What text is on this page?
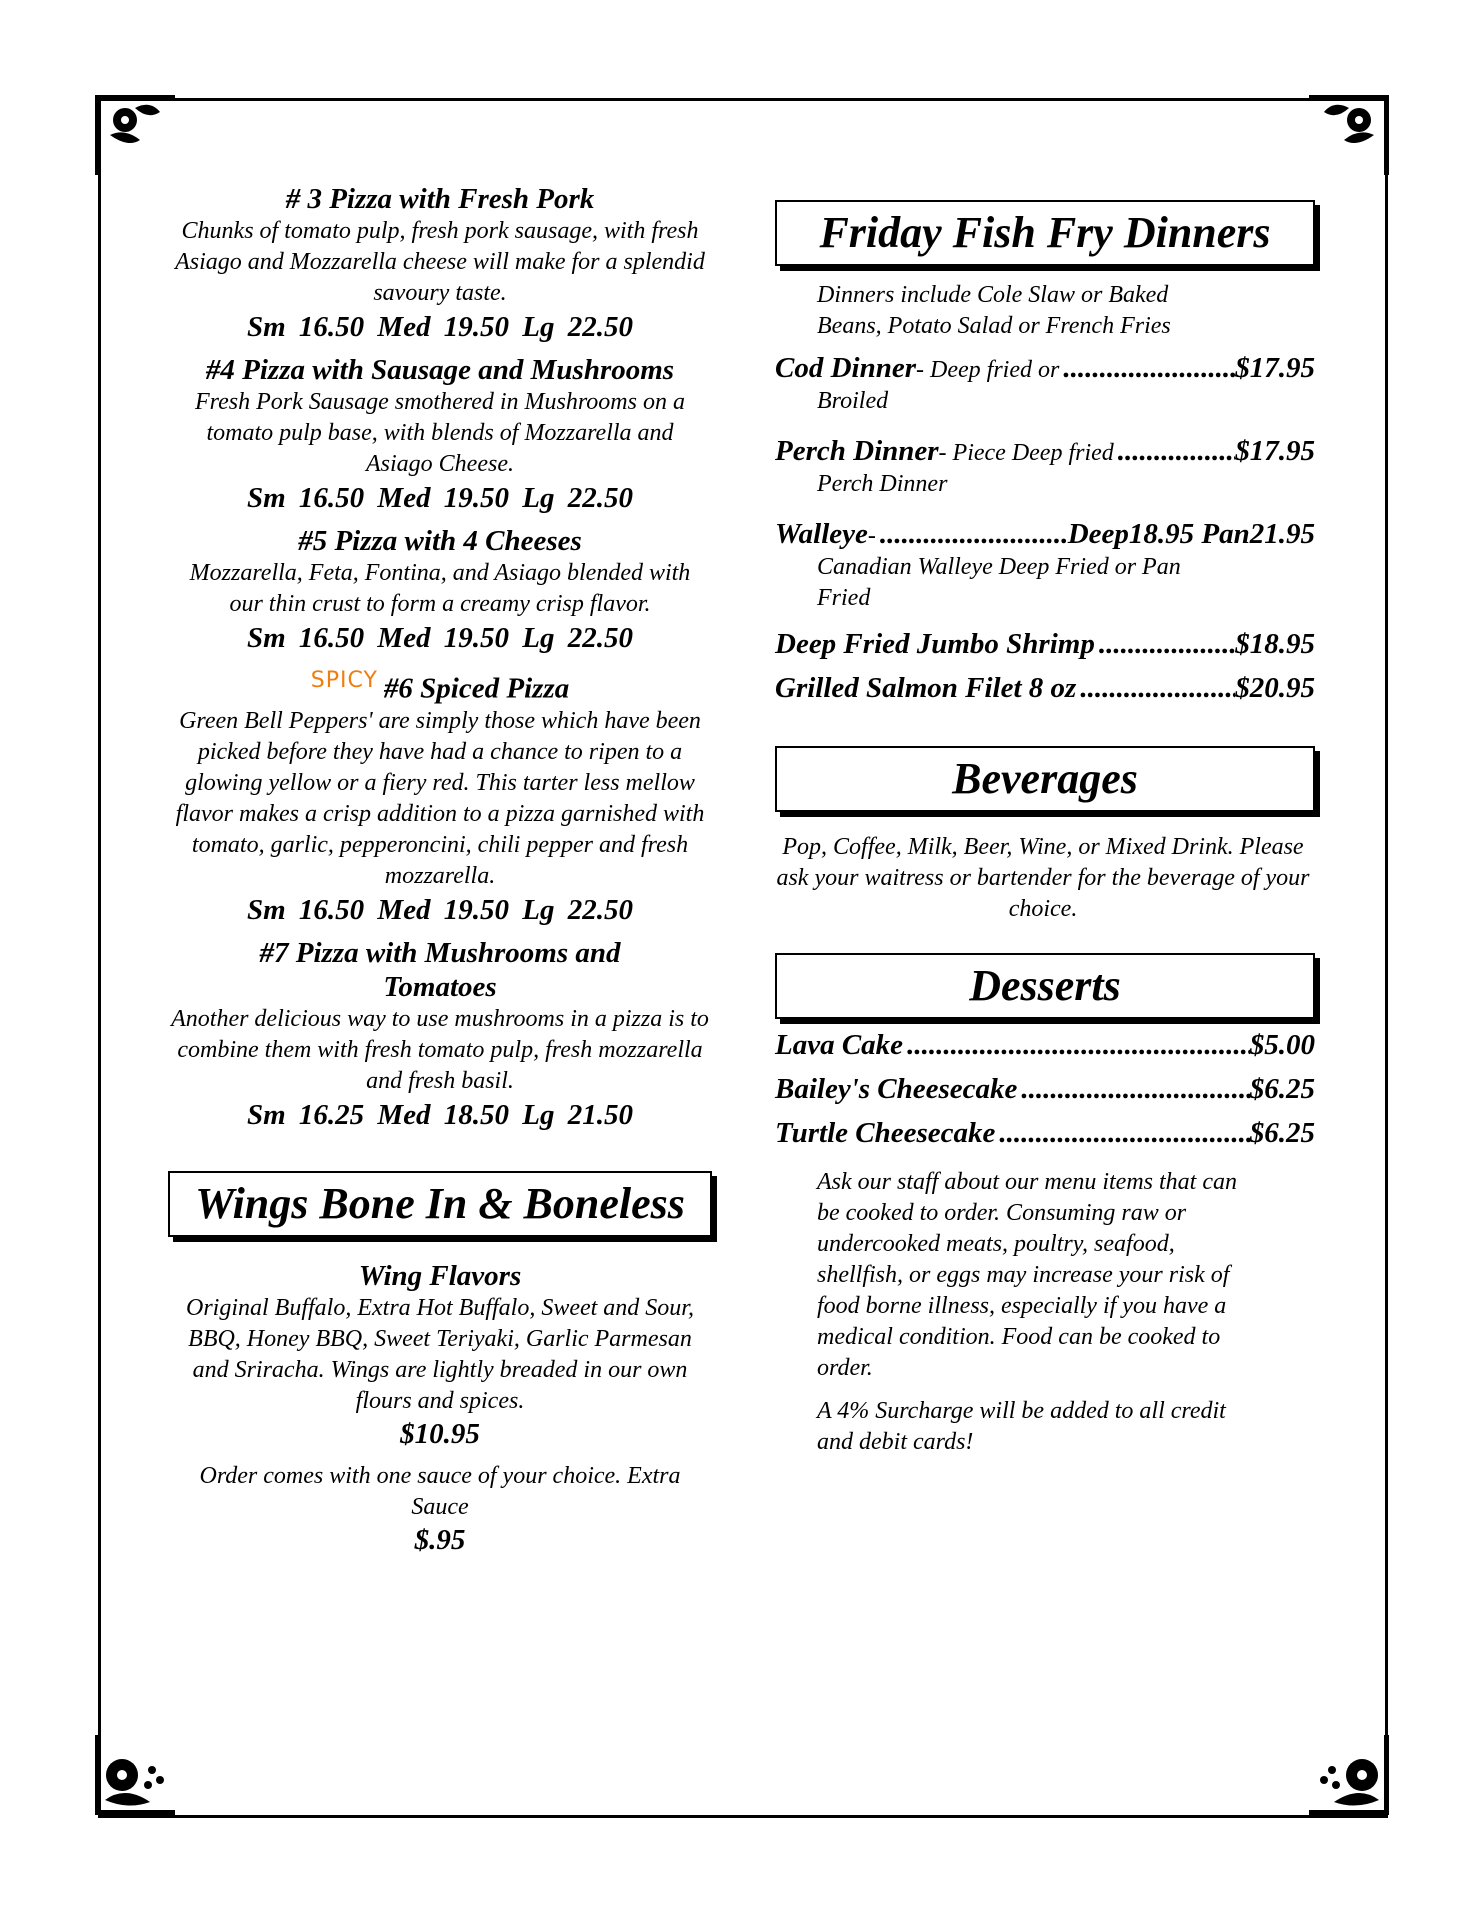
# 3 Pizza with Fresh Pork
Chunks of tomato pulp, fresh pork sausage, with fresh Asiago and Mozzarella cheese will make for a splendid savoury taste.
Sm 16.50 Med 19.50 Lg 22.50
#4 Pizza with Sausage and Mushrooms
Fresh Pork Sausage smothered in Mushrooms on a tomato pulp base, with blends of Mozzarella and Asiago Cheese.
Sm 16.50 Med 19.50 Lg 22.50
#5 Pizza with 4 Cheeses
Mozzarella, Feta, Fontina, and Asiago blended with our thin crust to form a creamy crisp flavor.
Sm 16.50 Med 19.50 Lg 22.50
$^{SPICY}$ #6 Spiced Pizza
Green Bell Peppers' are simply those which have been picked before they have had a chance to ripen to a glowing yellow or a fiery red. This tarter less mellow flavor makes a crisp addition to a pizza garnished with tomato, garlic, pepperoncini, chili pepper and fresh mozzarella.
Sm 16.50 Med 19.50 Lg 22.50
#7 Pizza with Mushrooms and Tomatoes
Another delicious way to use mushrooms in a pizza is to combine them with fresh tomato pulp, fresh mozzarella and fresh basil.
Sm 16.25 Med 18.50 Lg 21.50
Wings Bone In & Boneless
Wing Flavors
Original Buffalo, Extra Hot Buffalo, Sweet and Sour, BBQ, Honey BBQ, Sweet Teriyaki, Garlic Parmesan and Sriracha. Wings are lightly breaded in our own flours and spices.
$10.95
Order comes with one sauce of your choice. Extra Sauce
$.95
Friday Fish Fry Dinners
Dinners include Cole Slaw or Baked Beans, Potato Salad or French Fries
Cod Dinner - Deep fried or .....	$17.95
Broiled
Perch Dinner - Piece Deep fried .....	$17.95
Perch Dinner
Walleye - .....	Deep18.95 Pan21.95
Canadian Walleye Deep Fried or Pan Fried
Deep Fried Jumbo Shrimp .....	$18.95
Grilled Salmon Filet 8 oz .....	$20.95
Beverages
Pop, Coffee, Milk, Beer, Wine, or Mixed Drink. Please ask your waitress or bartender for the beverage of your choice.
Desserts
Lava Cake .....	$5.00
Bailey's Cheesecake .....	$6.25
Turtle Cheesecake .....	$6.25

Ask our staff about our menu items that can be cooked to order. Consuming raw or undercooked meats, poultry, seafood, shellfish, or eggs may increase your risk of food borne illness, especially if you have a medical condition. Food can be cooked to order.

A 4% Surcharge will be added to all credit and debit cards!
